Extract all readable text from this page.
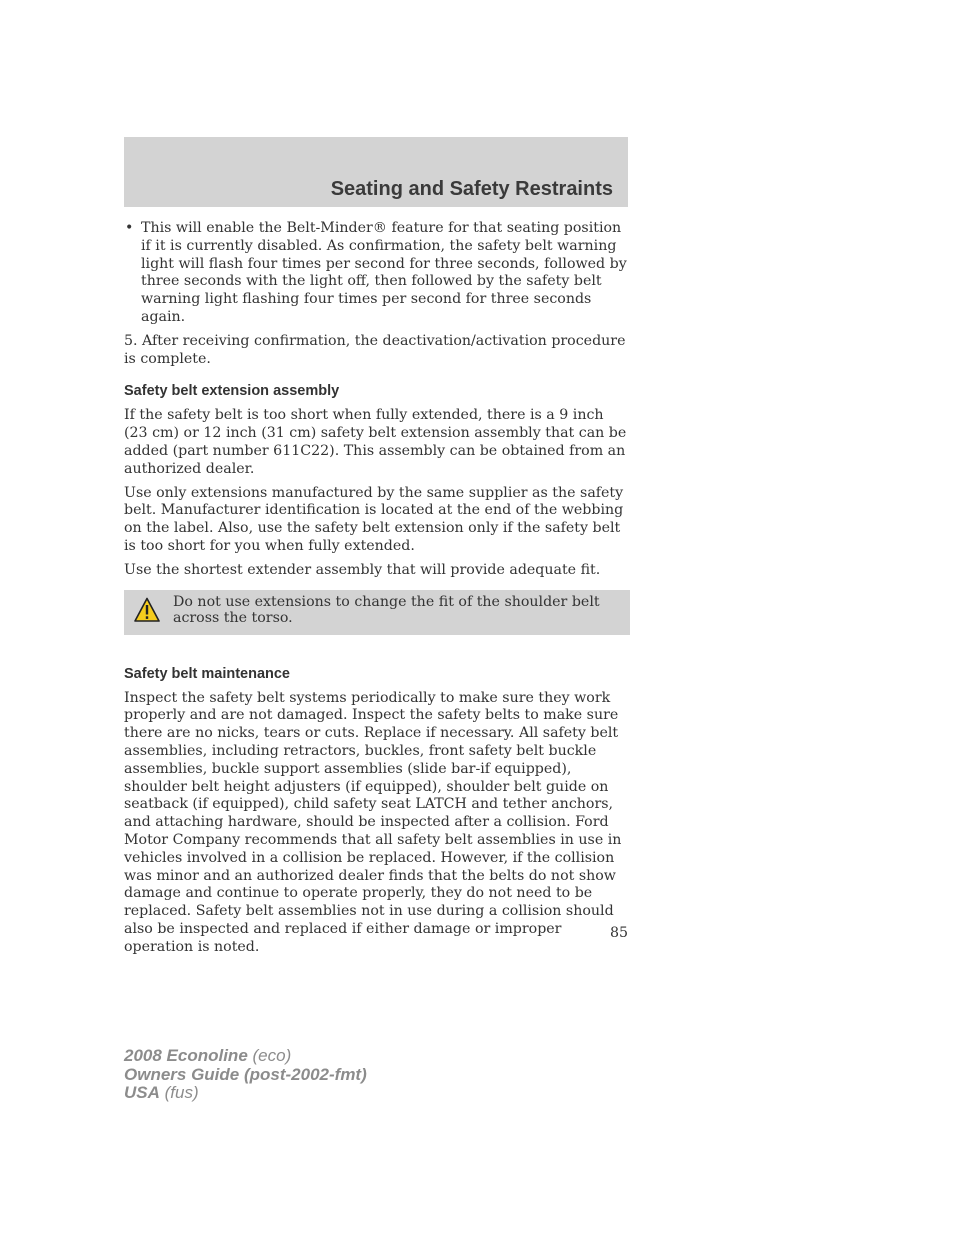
Seating and Safety Restraints
• This will enable the Belt-Minder® feature for that seating position if it is currently disabled. As confirmation, the safety belt warning light will flash four times per second for three seconds, followed by three seconds with the light off, then followed by the safety belt warning light flashing four times per second for three seconds again.

5. After receiving confirmation, the deactivation/activation procedure is complete.

Safety belt extension assembly

If the safety belt is too short when fully extended, there is a 9 inch (23 cm) or 12 inch (31 cm) safety belt extension assembly that can be added (part number 611C22). This assembly can be obtained from an authorized dealer.

Use only extensions manufactured by the same supplier as the safety belt. Manufacturer identification is located at the end of the webbing on the label. Also, use the safety belt extension only if the safety belt is too short for you when fully extended.

Use the shortest extender assembly that will provide adequate fit.

Do not use extensions to change the fit of the shoulder belt across the torso.
Safety belt maintenance

Inspect the safety belt systems periodically to make sure they work properly and are not damaged. Inspect the safety belts to make sure there are no nicks, tears or cuts. Replace if necessary. All safety belt assemblies, including retractors, buckles, front safety belt buckle assemblies, buckle support assemblies (slide bar-if equipped), shoulder belt height adjusters (if equipped), shoulder belt guide on seatback (if equipped), child safety seat LATCH and tether anchors, and attaching hardware, should be inspected after a collision. Ford Motor Company recommends that all safety belt assemblies in use in vehicles involved in a collision be replaced. However, if the collision was minor and an authorized dealer finds that the belts do not show damage and continue to operate properly, they do not need to be replaced. Safety belt assemblies not in use during a collision should also be inspected and replaced if either damage or improper operation is noted.

85
2008 Econoline (eco)
Owners Guide (post-2002-fmt)
USA (fus)
